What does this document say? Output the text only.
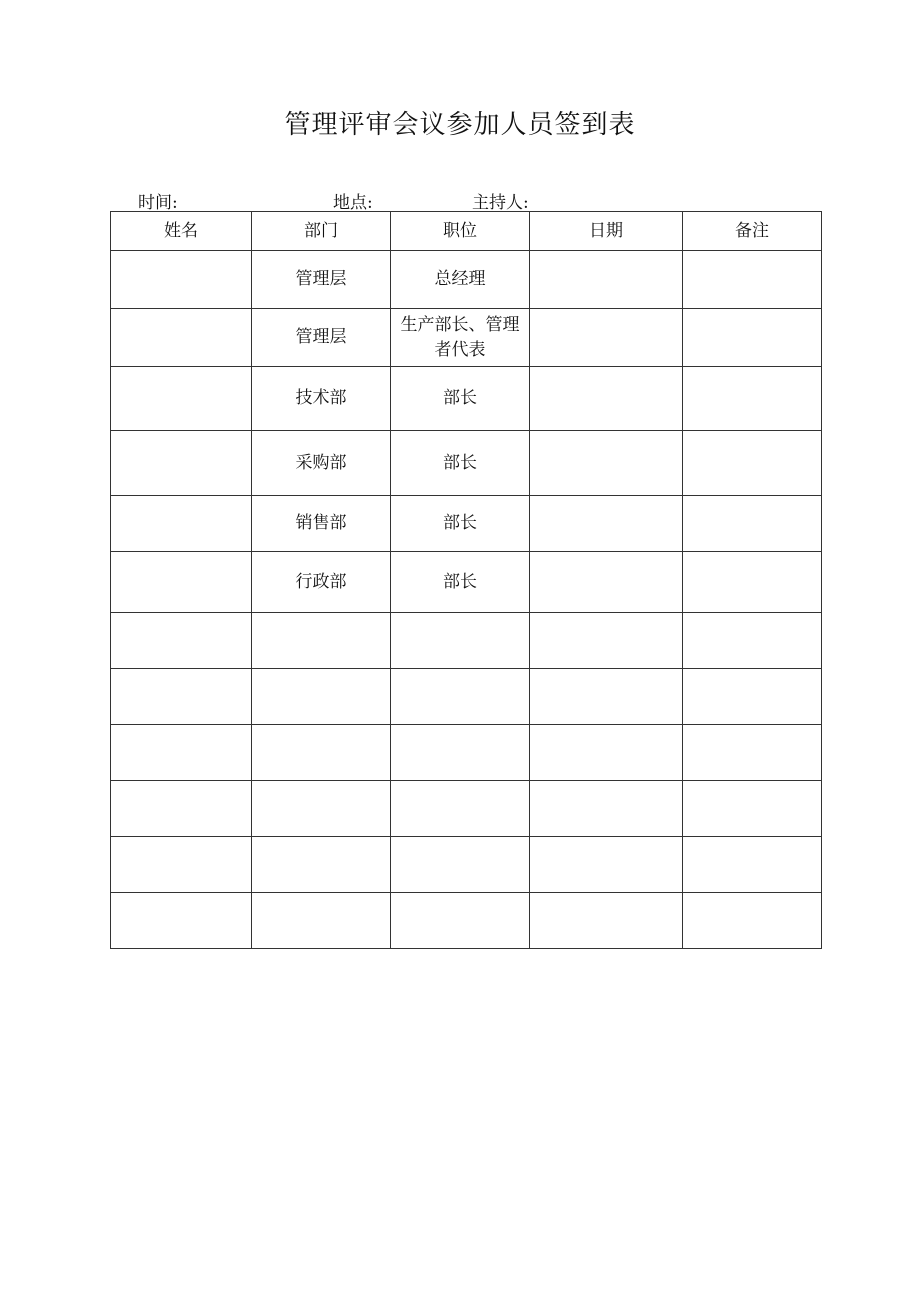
管理评审会议参加人员签到表
时间:	地点:	主持人:
姓名	部门	职位	日期	备注
	管理层	总经理		
	管理层	生产部长、管理者代表		
	技术部	部长		
	采购部	部长		
	销售部	部长		
	行政部	部长		
